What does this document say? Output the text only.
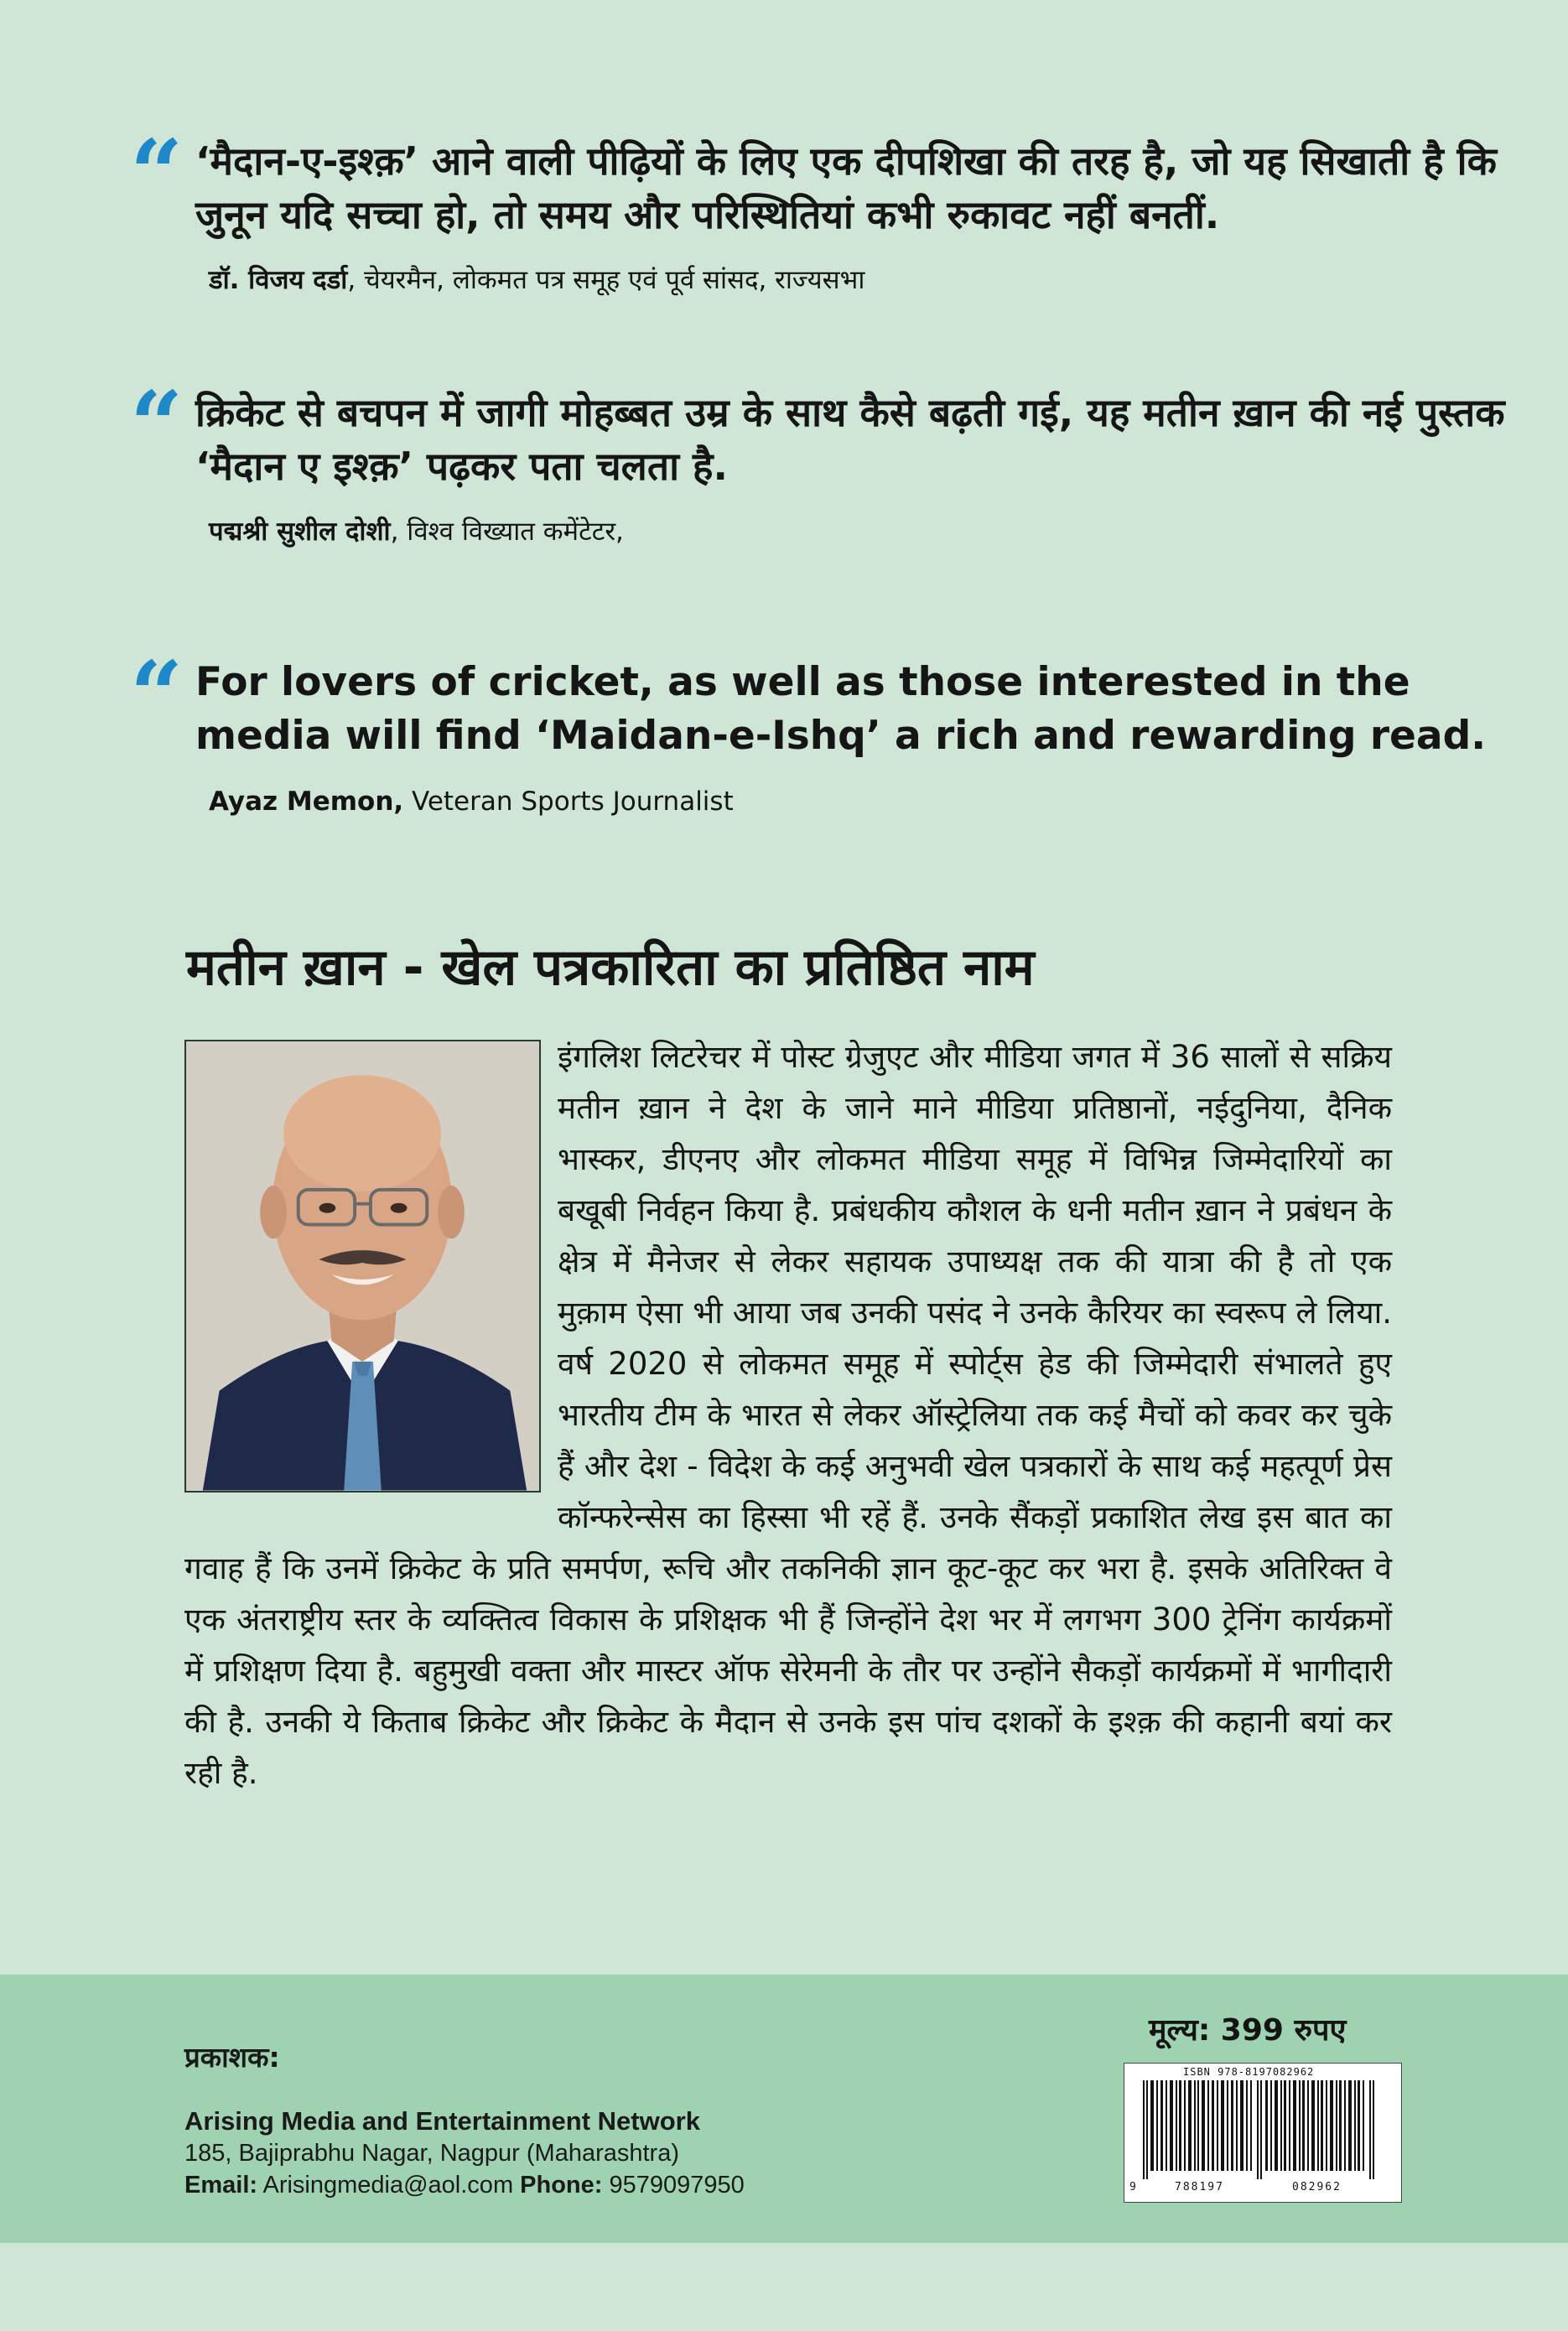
“ ‘मैदान-ए-इश्क़’ आने वाली पीढ़ियों के लिए एक दीपशिखा की तरह है, जो यह सिखाती है कि जुनून यदि सच्चा हो, तो समय और परिस्थितियां कभी रुकावट नहीं बनतीं.
डॉ. विजय दर्डा, चेयरमैन, लोकमत पत्र समूह एवं पूर्व सांसद, राज्यसभा
“ क्रिकेट से बचपन में जागी मोहब्बत उम्र के साथ कैसे बढ़ती गई, यह मतीन ख़ान की नई पुस्तक ‘मैदान ए इश्क़’ पढ़कर पता चलता है.
पद्मश्री सुशील दोशी, विश्व विख्यात कमेंटेटर,
“ For lovers of cricket, as well as those interested in the media will find ‘Maidan-e-Ishq’ a rich and rewarding read.
Ayaz Memon, Veteran Sports Journalist
मतीन ख़ान - खेल पत्रकारिता का प्रतिष्ठित नाम
इंगलिश लिटरेचर में पोस्ट ग्रेजुएट और मीडिया जगत में 36 सालों से सक्रिय मतीन ख़ान ने देश के जाने माने मीडिया प्रतिष्ठानों, नईदुनिया, दैनिक भास्कर, डीएनए और लोकमत मीडिया समूह में विभिन्न जिम्मेदारियों का बखूबी निर्वहन किया है. प्रबंधकीय कौशल के धनी मतीन ख़ान ने प्रबंधन के क्षेत्र में मैनेजर से लेकर सहायक उपाध्यक्ष तक की यात्रा की है तो एक मुक़ाम ऐसा भी आया जब उनकी पसंद ने उनके कैरियर का स्वरूप ले लिया. वर्ष 2020 से लोकमत समूह में स्पोर्ट्स हेड की जिम्मेदारी संभालते हुए भारतीय टीम के भारत से लेकर ऑस्ट्रेलिया तक कई मैचों को कवर कर चुके हैं और देश - विदेश के कई अनुभवी खेल पत्रकारों के साथ कई महत्पूर्ण प्रेस कॉन्फरेन्सेस का हिस्सा भी रहें हैं. उनके सैंकड़ों प्रकाशित लेख इस बात का गवाह हैं कि उनमें क्रिकेट के प्रति समर्पण, रूचि और तकनिकी ज्ञान कूट-कूट कर भरा है. इसके अतिरिक्त वे एक अंतराष्ट्रीय स्तर के व्यक्तित्व विकास के प्रशिक्षक भी हैं जिन्होंने देश भर में लगभग 300 ट्रेनिंग कार्यक्रमों में प्रशिक्षण दिया है. बहुमुखी वक्ता और मास्टर ऑफ सेरेमनी के तौर पर उन्होंने सैकड़ों कार्यक्रमों में भागीदारी की है. उनकी ये किताब क्रिकेट और क्रिकेट के मैदान से उनके इस पांच दशकों के इश्क़ की कहानी बयां कर रही है.
प्रकाशक:
Arising Media and Entertainment Network
185, Bajiprabhu Nagar, Nagpur (Maharashtra)
Email: Arisingmedia@aol.com Phone: 9579097950
मूल्य: 399 रुपए
ISBN 978-8197082962
9	788197	082962
